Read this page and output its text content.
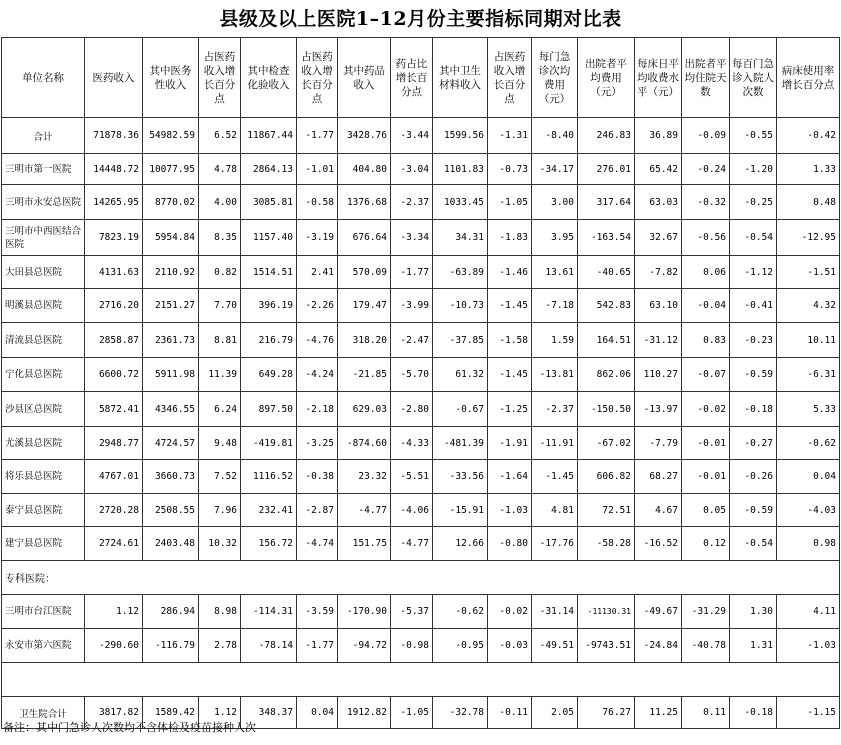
县级及以上医院1–12月份主要指标同期对比表
单位名称	医药收入	其中医务性收入	占医药收入增长百分点	其中检查化验收入	占医药收入增长百分点	其中药品收入	药占比增长百分点	其中卫生材料收入	占医药收入增长百分点	每门急诊次均费用（元）	出院者平均费用（元）	每床日平均收费水平（元）	出院者平均住院天数	每百门急诊入院人次数	病床使用率增长百分点
合计	71878.36	54982.59	6.52	11867.44	-1.77	3428.76	-3.44	1599.56	-1.31	-8.40	246.83	36.89	-0.09	-0.55	-0.42
三明市第一医院	14448.72	10077.95	4.78	2864.13	-1.01	404.80	-3.04	1101.83	-0.73	-34.17	276.01	65.42	-0.24	-1.20	1.33
三明市永安总医院	14265.95	8770.02	4.00	3085.81	-0.58	1376.68	-2.37	1033.45	-1.05	3.00	317.64	63.03	-0.32	-0.25	0.48
三明市中西医结合医院	7823.19	5954.84	8.35	1157.40	-3.19	676.64	-3.34	34.31	-1.83	3.95	-163.54	32.67	-0.56	-0.54	-12.95
大田县总医院	4131.63	2110.92	0.82	1514.51	2.41	570.09	-1.77	-63.89	-1.46	13.61	-40.65	-7.82	0.06	-1.12	-1.51
明溪县总医院	2716.20	2151.27	7.70	396.19	-2.26	179.47	-3.99	-10.73	-1.45	-7.18	542.83	63.10	-0.04	-0.41	4.32
清流县总医院	2858.87	2361.73	8.81	216.79	-4.76	318.20	-2.47	-37.85	-1.58	1.59	164.51	-31.12	0.83	-0.23	10.11
宁化县总医院	6600.72	5911.98	11.39	649.28	-4.24	-21.85	-5.70	61.32	-1.45	-13.81	862.06	110.27	-0.07	-0.59	-6.31
沙县区总医院	5872.41	4346.55	6.24	897.50	-2.18	629.03	-2.80	-0.67	-1.25	-2.37	-150.50	-13.97	-0.02	-0.18	5.33
尤溪县总医院	2948.77	4724.57	9.48	-419.81	-3.25	-874.60	-4.33	-481.39	-1.91	-11.91	-67.02	-7.79	-0.01	-0.27	-0.62
将乐县总医院	4767.01	3660.73	7.52	1116.52	-0.38	23.32	-5.51	-33.56	-1.64	-1.45	606.82	68.27	-0.01	-0.26	0.04
泰宁县总医院	2720.28	2508.55	7.96	232.41	-2.87	-4.77	-4.06	-15.91	-1.03	4.81	72.51	4.67	0.05	-0.59	-4.03
建宁县总医院	2724.61	2403.48	10.32	156.72	-4.74	151.75	-4.77	12.66	-0.80	-17.76	-58.28	-16.52	0.12	-0.54	0.98
专科医院：															
三明市台江医院	1.12	286.94	8.98	-114.31	-3.59	-170.90	-5.37	-0.62	-0.02	-31.14	-11130.31	-49.67	-31.29	1.30	4.11
永安市第六医院	-290.60	-116.79	2.78	-78.14	-1.77	-94.72	-0.98	-0.95	-0.03	-49.51	-9743.51	-24.84	-40.78	1.31	-1.03

卫生院合计	3817.82	1589.42	1.12	348.37	0.04	1912.82	-1.05	-32.78	-0.11	2.05	76.27	11.25	0.11	-0.18	-1.15
备注：其中门急诊人次数均不含体检及疫苗接种人次
